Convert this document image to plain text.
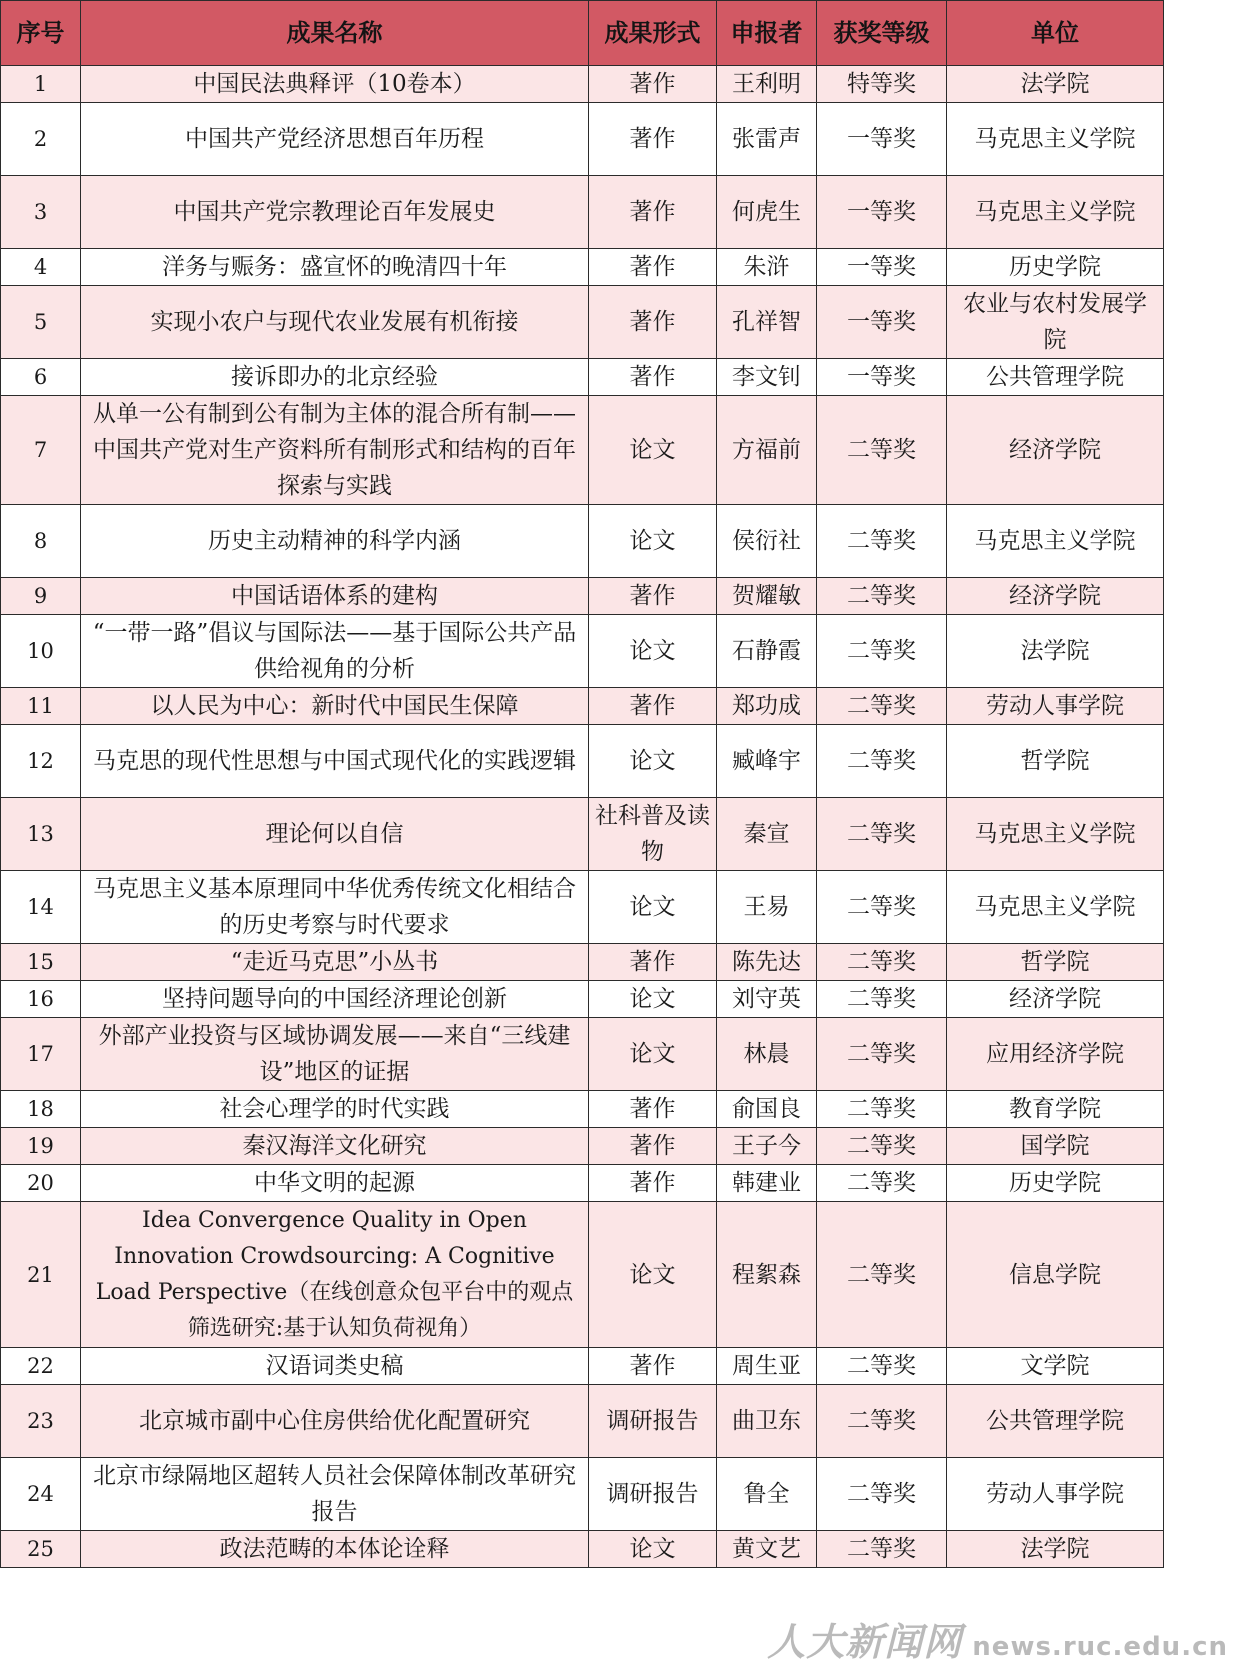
序号	成果名称	成果形式	申报者	获奖等级	单位
1	中国民法典释评（10卷本）	著作	王利明	特等奖	法学院
2	中国共产党经济思想百年历程	著作	张雷声	一等奖	马克思主义学院
3	中国共产党宗教理论百年发展史	著作	何虎生	一等奖	马克思主义学院
4	洋务与赈务：盛宣怀的晚清四十年	著作	朱浒	一等奖	历史学院
5	实现小农户与现代农业发展有机衔接	著作	孔祥智	一等奖	农业与农村发展学院
6	接诉即办的北京经验	著作	李文钊	一等奖	公共管理学院
7	从单一公有制到公有制为主体的混合所有制——中国共产党对生产资料所有制形式和结构的百年探索与实践	论文	方福前	二等奖	经济学院
8	历史主动精神的科学内涵	论文	侯衍社	二等奖	马克思主义学院
9	中国话语体系的建构	著作	贺耀敏	二等奖	经济学院
10	“一带一路”倡议与国际法——基于国际公共产品供给视角的分析	论文	石静霞	二等奖	法学院
11	以人民为中心：新时代中国民生保障	著作	郑功成	二等奖	劳动人事学院
12	马克思的现代性思想与中国式现代化的实践逻辑	论文	臧峰宇	二等奖	哲学院
13	理论何以自信	社科普及读物	秦宣	二等奖	马克思主义学院
14	马克思主义基本原理同中华优秀传统文化相结合的历史考察与时代要求	论文	王易	二等奖	马克思主义学院
15	“走近马克思”小丛书	著作	陈先达	二等奖	哲学院
16	坚持问题导向的中国经济理论创新	论文	刘守英	二等奖	经济学院
17	外部产业投资与区域协调发展——来自“三线建设”地区的证据	论文	林晨	二等奖	应用经济学院
18	社会心理学的时代实践	著作	俞国良	二等奖	教育学院
19	秦汉海洋文化研究	著作	王子今	二等奖	国学院
20	中华文明的起源	著作	韩建业	二等奖	历史学院
21	Idea Convergence Quality in Open Innovation Crowdsourcing: A Cognitive Load Perspective（在线创意众包平台中的观点筛选研究:基于认知负荷视角）	论文	程絮森	二等奖	信息学院
22	汉语词类史稿	著作	周生亚	二等奖	文学院
23	北京城市副中心住房供给优化配置研究	调研报告	曲卫东	二等奖	公共管理学院
24	北京市绿隔地区超转人员社会保障体制改革研究报告	调研报告	鲁全	二等奖	劳动人事学院
25	政法范畴的本体论诠释	论文	黄文艺	二等奖	法学院
人大新闻网 news.ruc.edu.cn
